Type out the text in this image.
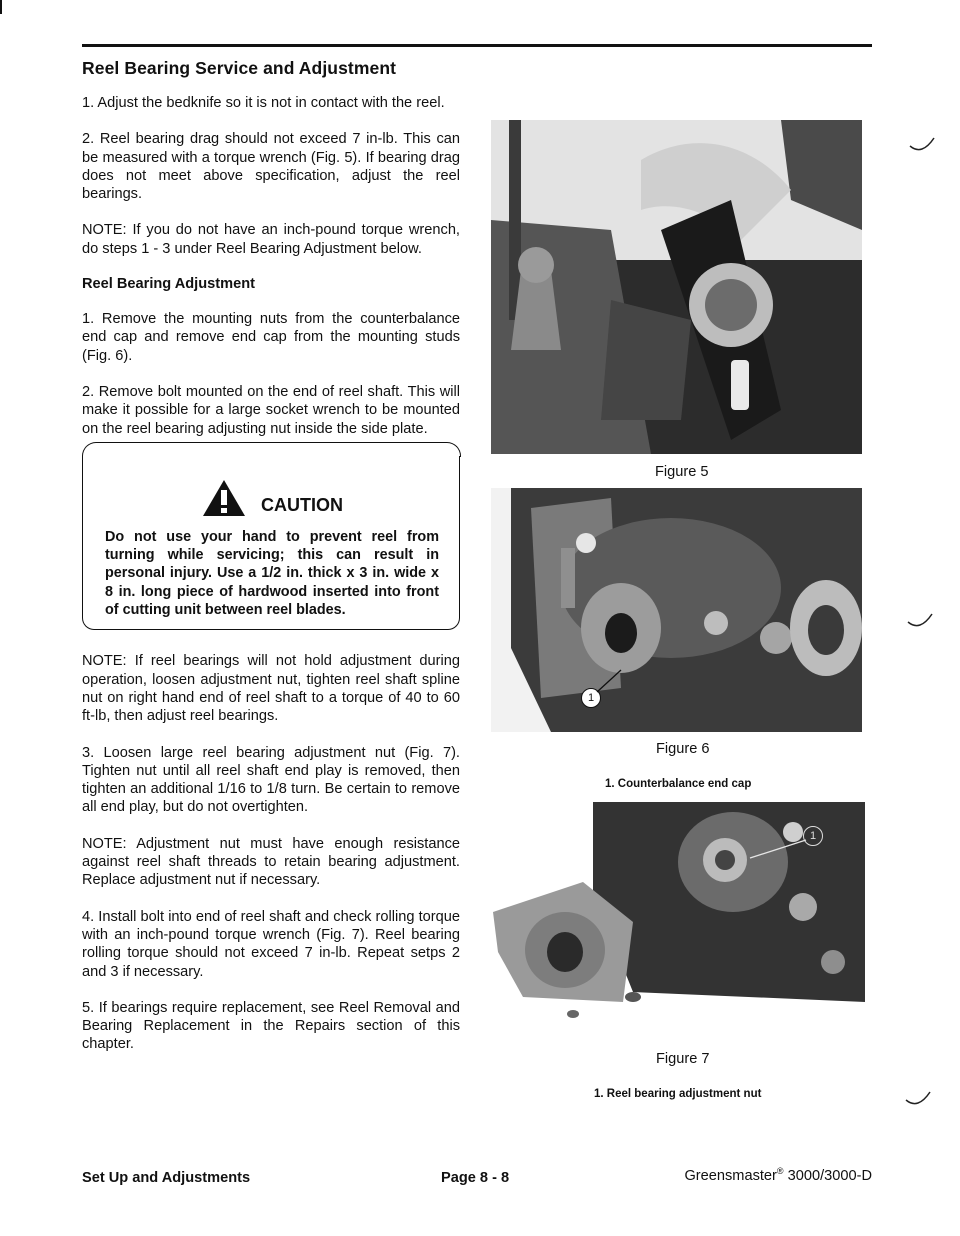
Reel Bearing Service and Adjustment

1. Adjust the bedknife so it is not in contact with the reel.

2. Reel bearing drag should not exceed 7 in-lb. This can be measured with a torque wrench (Fig. 5). If bearing drag does not meet above specification, adjust the reel bearings.

NOTE: If you do not have an inch-pound torque wrench, do steps 1 - 3 under Reel Bearing Adjustment below.

Reel Bearing Adjustment

1. Remove the mounting nuts from the counterbalance end cap and remove end cap from the mounting studs (Fig. 6).

2. Remove bolt mounted on the end of reel shaft. This will make it possible for a large socket wrench to be mounted on the reel bearing adjusting nut inside the side plate.

CAUTION
Do not use your hand to prevent reel from turning while servicing; this can result in personal injury. Use a 1/2 in. thick x 3 in. wide x 8 in. long piece of hardwood inserted into front of cutting unit between reel blades.

NOTE: If reel bearings will not hold adjustment during operation, loosen adjustment nut, tighten reel shaft spline nut on right hand end of reel shaft to a torque of 40 to 60 ft-lb, then adjust reel bearings.

3. Loosen large reel bearing adjustment nut (Fig. 7). Tighten nut until all reel shaft end play is removed, then tighten an additional 1/16 to 1/8 turn. Be certain to remove all end play, but do not overtighten.

NOTE: Adjustment nut must have enough resistance against reel shaft threads to retain bearing adjustment. Replace adjustment nut if necessary.

4. Install bolt into end of reel shaft and check rolling torque with an inch-pound torque wrench (Fig. 7). Reel bearing rolling torque should not exceed 7 in-lb. Repeat setps 2 and 3 if necessary.

5. If bearings require replacement, see Reel Removal and Bearing Replacement in the Repairs section of this chapter.

Figure 5
1
Figure 6
1. Counterbalance end cap
1
Figure 7
1. Reel bearing adjustment nut
Set Up and Adjustments	Page 8 - 8	Greensmaster® 3000/3000-D
